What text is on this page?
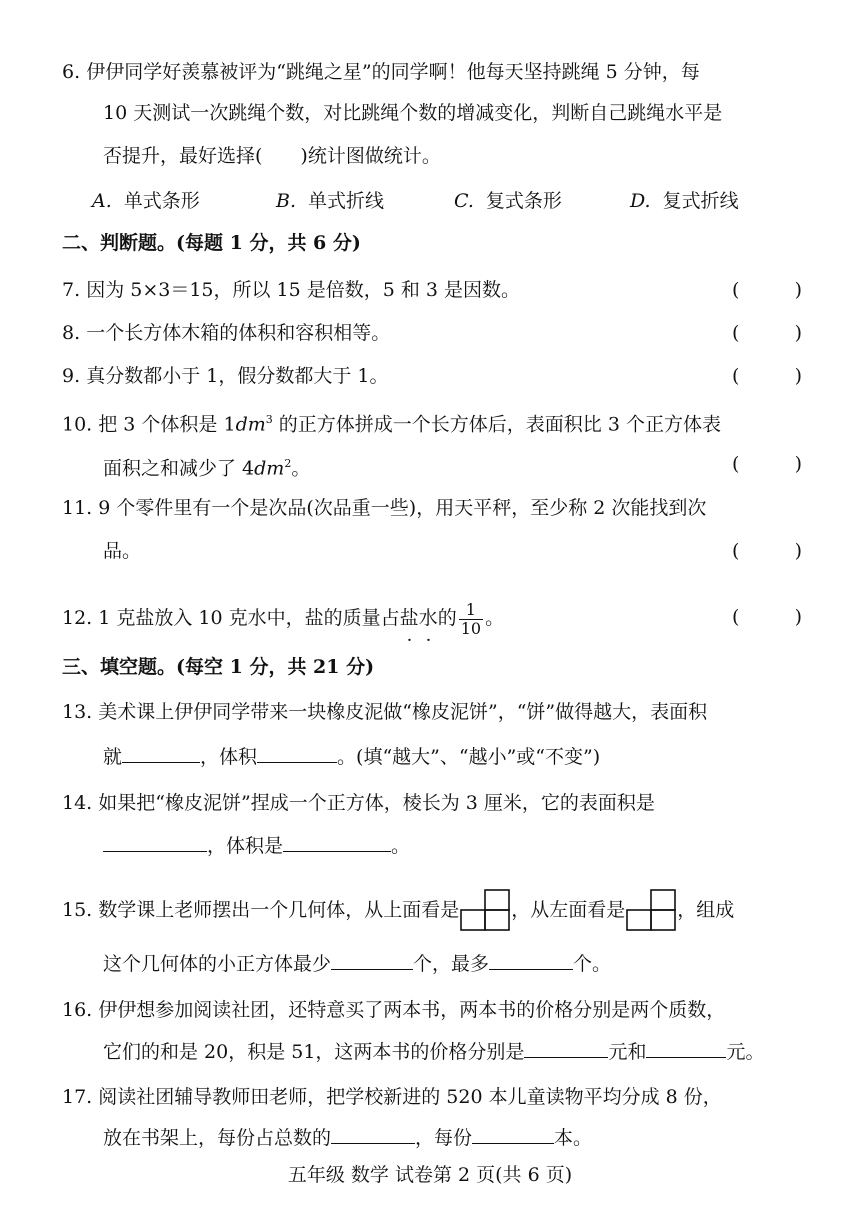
6. 伊伊同学好羡慕被评为“跳绳之星”的同学啊！他每天坚持跳绳 5 分钟，每
10 天测试一次跳绳个数，对比跳绳个数的增减变化，判断自己跳绳水平是
否提升，最好选择(　　)统计图做统计。
A. 单式条形	B. 单式折线	C. 复式条形	D. 复式折线
二、判断题。(每题 1 分，共 6 分)
7. 因为 5×3＝15，所以 15 是倍数，5 和 3 是因数。	(	)
8. 一个长方体木箱的体积和容积相等。	(	)
9. 真分数都小于 1，假分数都大于 1。	(	)
10. 把 3 个体积是 $1dm^3$ 的正方体拼成一个长方体后，表面积比 3 个正方体表
面积之和减少了 $4dm^2$。	(	)
11. 9 个零件里有一个是次品(次品重一些)，用天平秤，至少称 2 次能找到次
品。	(	)
12. 1 克盐放入 10 克水中，盐的质量占盐水的 $\frac{1}{10}$ 。	(	)
三、填空题。(每空 1 分，共 21 分)
13. 美术课上伊伊同学带来一块橡皮泥做“橡皮泥饼”，“饼”做得越大，表面积
就	，体积	。(填“越大”、“越小”或“不变”)
14. 如果把“橡皮泥饼”捏成一个正方体，棱长为 3 厘米，它的表面积是
，体积是	。
15. 数学课上老师摆出一个几何体，从上面看是	，从左面看是	，组成
这个几何体的小正方体最少	个，最多	个。
16. 伊伊想参加阅读社团，还特意买了两本书，两本书的价格分别是两个质数，
它们的和是 20，积是 51，这两本书的价格分别是	元和	元。
17. 阅读社团辅导教师田老师，把学校新进的 520 本儿童读物平均分成 8 份，
放在书架上，每份占总数的	，每份	本。
五年级 数学 试卷第 2 页(共 6 页)
